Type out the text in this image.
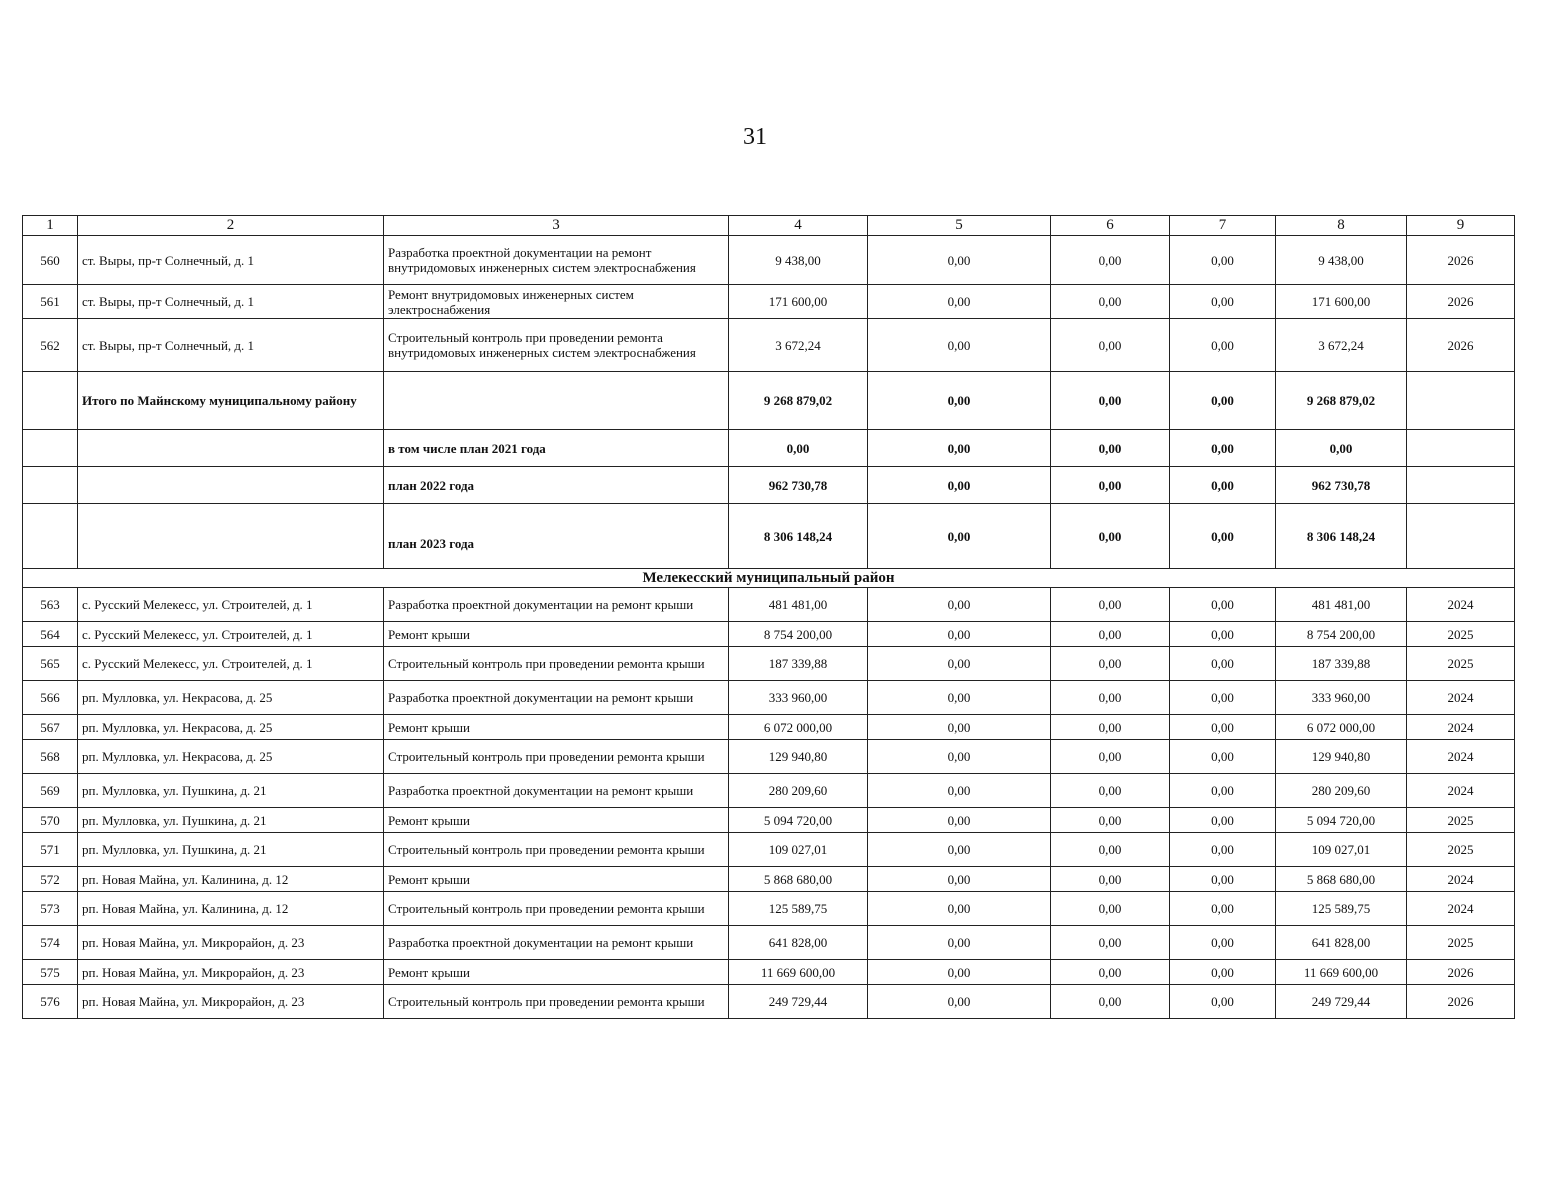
31
1	2	3	4	5	6	7	8	9
560	ст. Выры, пр-т Солнечный, д. 1	Разработка проектной документации на ремонт внутридомовых инженерных систем электроснабжения	9 438,00	0,00	0,00	0,00	9 438,00	2026
561	ст. Выры, пр-т Солнечный, д. 1	Ремонт внутридомовых инженерных систем электроснабжения	171 600,00	0,00	0,00	0,00	171 600,00	2026
562	ст. Выры, пр-т Солнечный, д. 1	Строительный контроль при проведении ремонта внутридомовых инженерных систем электроснабжения	3 672,24	0,00	0,00	0,00	3 672,24	2026
	Итого по Майнскому муниципальному району		9 268 879,02	0,00	0,00	0,00	9 268 879,02	
		в том числе план 2021 года	0,00	0,00	0,00	0,00	0,00	
		план 2022 года	962 730,78	0,00	0,00	0,00	962 730,78	
		план 2023 года	8 306 148,24	0,00	0,00	0,00	8 306 148,24	
Мелекесский муниципальный район								
563	с. Русский Мелекесс, ул. Строителей, д. 1	Разработка проектной документации на ремонт крыши	481 481,00	0,00	0,00	0,00	481 481,00	2024
564	с. Русский Мелекесс, ул. Строителей, д. 1	Ремонт крыши	8 754 200,00	0,00	0,00	0,00	8 754 200,00	2025
565	с. Русский Мелекесс, ул. Строителей, д. 1	Строительный контроль при проведении ремонта крыши	187 339,88	0,00	0,00	0,00	187 339,88	2025
566	рп. Мулловка, ул. Некрасова, д. 25	Разработка проектной документации на ремонт крыши	333 960,00	0,00	0,00	0,00	333 960,00	2024
567	рп. Мулловка, ул. Некрасова, д. 25	Ремонт крыши	6 072 000,00	0,00	0,00	0,00	6 072 000,00	2024
568	рп. Мулловка, ул. Некрасова, д. 25	Строительный контроль при проведении ремонта крыши	129 940,80	0,00	0,00	0,00	129 940,80	2024
569	рп. Мулловка, ул. Пушкина, д. 21	Разработка проектной документации на ремонт крыши	280 209,60	0,00	0,00	0,00	280 209,60	2024
570	рп. Мулловка, ул. Пушкина, д. 21	Ремонт крыши	5 094 720,00	0,00	0,00	0,00	5 094 720,00	2025
571	рп. Мулловка, ул. Пушкина, д. 21	Строительный контроль при проведении ремонта крыши	109 027,01	0,00	0,00	0,00	109 027,01	2025
572	рп. Новая Майна, ул. Калинина, д. 12	Ремонт крыши	5 868 680,00	0,00	0,00	0,00	5 868 680,00	2024
573	рп. Новая Майна, ул. Калинина, д. 12	Строительный контроль при проведении ремонта крыши	125 589,75	0,00	0,00	0,00	125 589,75	2024
574	рп. Новая Майна, ул. Микрорайон, д. 23	Разработка проектной документации на ремонт крыши	641 828,00	0,00	0,00	0,00	641 828,00	2025
575	рп. Новая Майна, ул. Микрорайон, д. 23	Ремонт крыши	11 669 600,00	0,00	0,00	0,00	11 669 600,00	2026
576	рп. Новая Майна, ул. Микрорайон, д. 23	Строительный контроль при проведении ремонта крыши	249 729,44	0,00	0,00	0,00	249 729,44	2026
